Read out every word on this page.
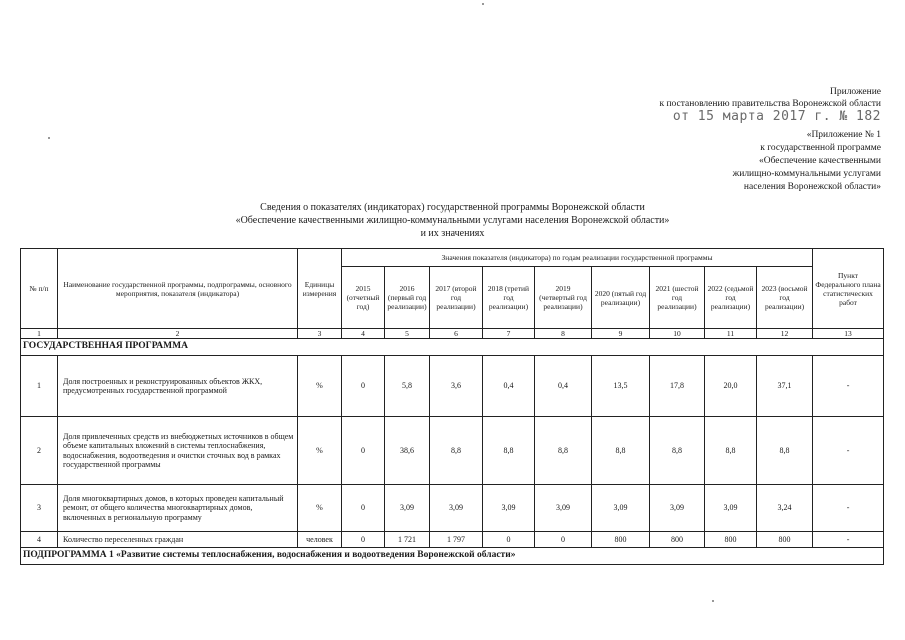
Приложение
к постановлению правительства Воронежской области
от 15 марта 2017 г. № 182
«Приложение № 1
к государственной программе
«Обеспечение качественными
жилищно-коммунальными услугами
населения Воронежской области»
Сведения о показателях (индикаторах) государственной программы Воронежской области
«Обеспечение качественными жилищно-коммунальными услугами населения Воронежской области»
и их значениях
№ п/п	Наименование государственной программы, подпрограммы, основного мероприятия, показателя (индикатора)	Единицы измерения	Значения показателя (индикатора) по годам реализации государственной программы									Пункт Федерального плана статистических работ
			2015 (отчетный год)	2016 (первый год реализации)	2017 (второй год реализации)	2018 (третий год реализации)	2019 (четвертый год реализации)	2020 (пятый год реализации)	2021 (шестой год реализации)	2022 (седьмой год реализации)	2023 (восьмой год реализации)	
1	2	3	4	5	6	7	8	9	10	11	12	13
ГОСУДАРСТВЕННАЯ ПРОГРАММА												
1	Доля построенных и реконструированных объектов ЖКХ, предусмотренных государственной программой	%	0	5,8	3,6	0,4	0,4	13,5	17,8	20,0	37,1	-
2	Доля привлеченных средств из внебюджетных источников в общем объеме капитальных вложений в системы теплоснабжения, водоснабжения, водоотведения и очистки сточных вод в рамках государственной программы	%	0	38,6	8,8	8,8	8,8	8,8	8,8	8,8	8,8	-
3	Доля многоквартирных домов, в которых проведен капитальный ремонт, от общего количества многоквартирных домов, включенных в региональную программу	%	0	3,09	3,09	3,09	3,09	3,09	3,09	3,09	3,24	-
4	Количество переселенных граждан	человек	0	1 721	1 797	0	0	800	800	800	800	-
ПОДПРОГРАММА 1 «Развитие системы теплоснабжения, водоснабжения и водоотведения Воронежской области»												
